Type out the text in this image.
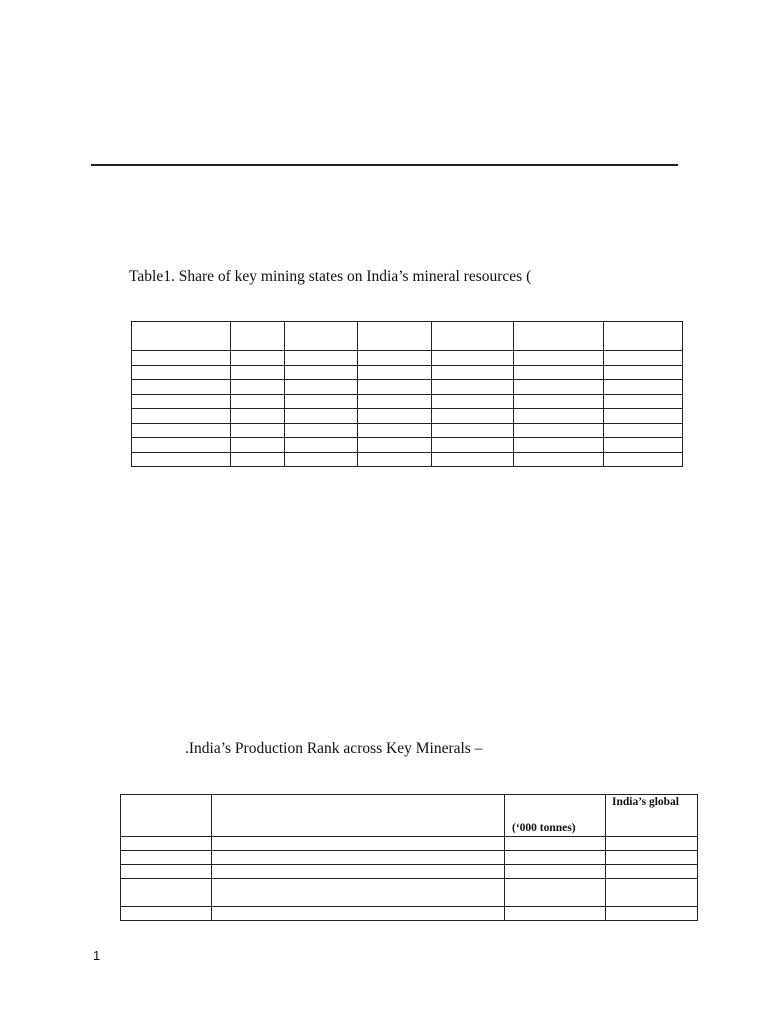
Table1. Share of key mining states on India’s mineral resources (

.India’s Production Rank across Key Minerals –

		(‘000 tonnes)	India’s global

1
